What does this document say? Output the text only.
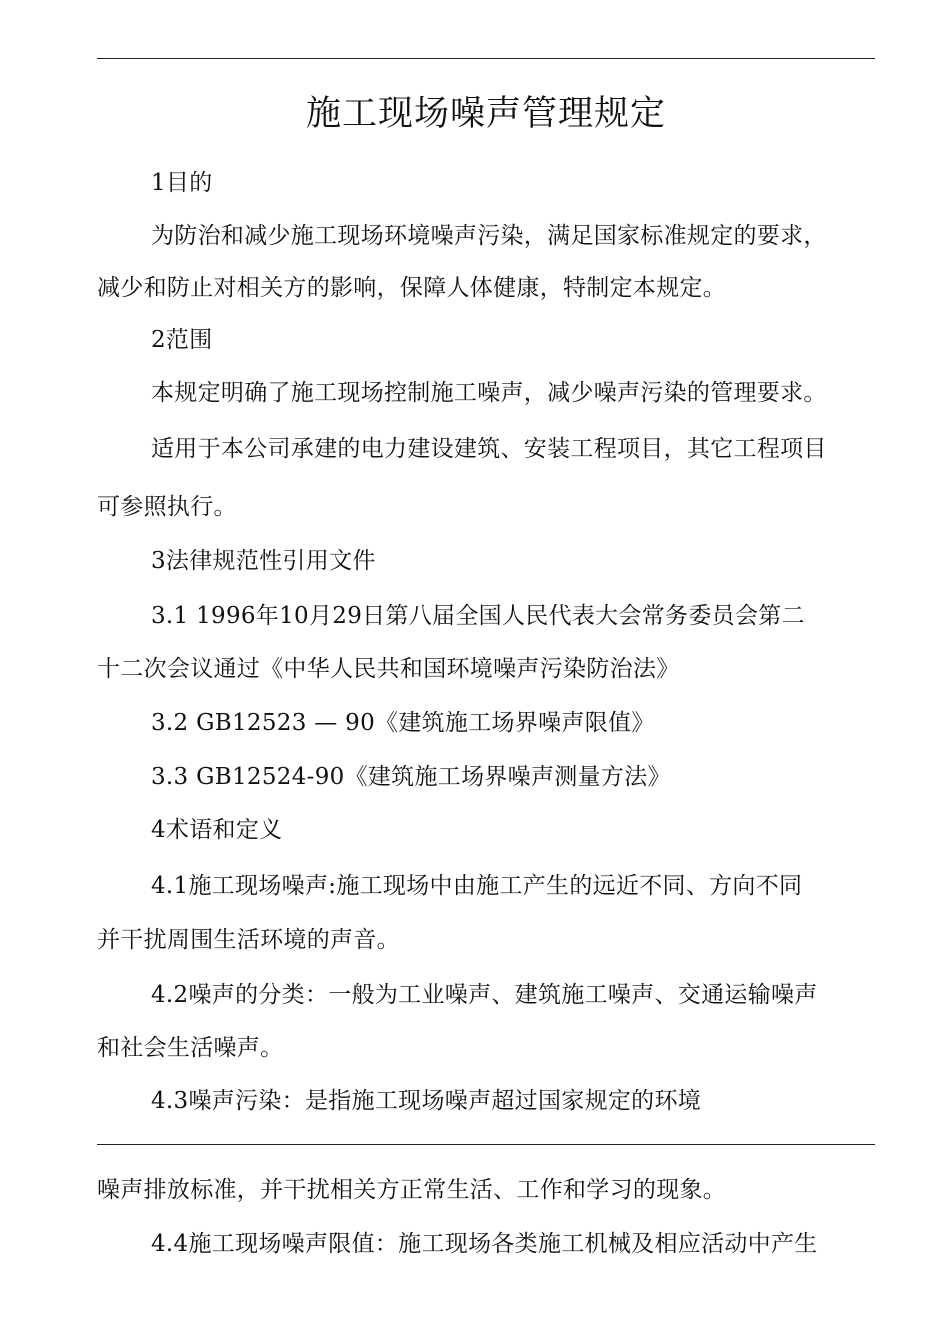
施工现场噪声管理规定
1目的
为防治和减少施工现场环境噪声污染，满足国家标准规定的要求，
减少和防止对相关方的影响，保障人体健康，特制定本规定。
2范围
本规定明确了施工现场控制施工噪声，减少噪声污染的管理要求。
适用于本公司承建的电力建设建筑、安装工程项目，其它工程项目
可参照执行。
3法律规范性引用文件
3.1 1996年10月29日第八届全国人民代表大会常务委员会第二
十二次会议通过《中华人民共和国环境噪声污染防治法》
3.2 GB12523 — 90《建筑施工场界噪声限值》
3.3 GB12524-90《建筑施工场界噪声测量方法》
4术语和定义
4.1施工现场噪声:施工现场中由施工产生的远近不同、方向不同
并干扰周围生活环境的声音。
4.2噪声的分类：一般为工业噪声、建筑施工噪声、交通运输噪声
和社会生活噪声。
4.3噪声污染：是指施工现场噪声超过国家规定的环境
噪声排放标准，并干扰相关方正常生活、工作和学习的现象。
4.4施工现场噪声限值：施工现场各类施工机械及相应活动中产生
